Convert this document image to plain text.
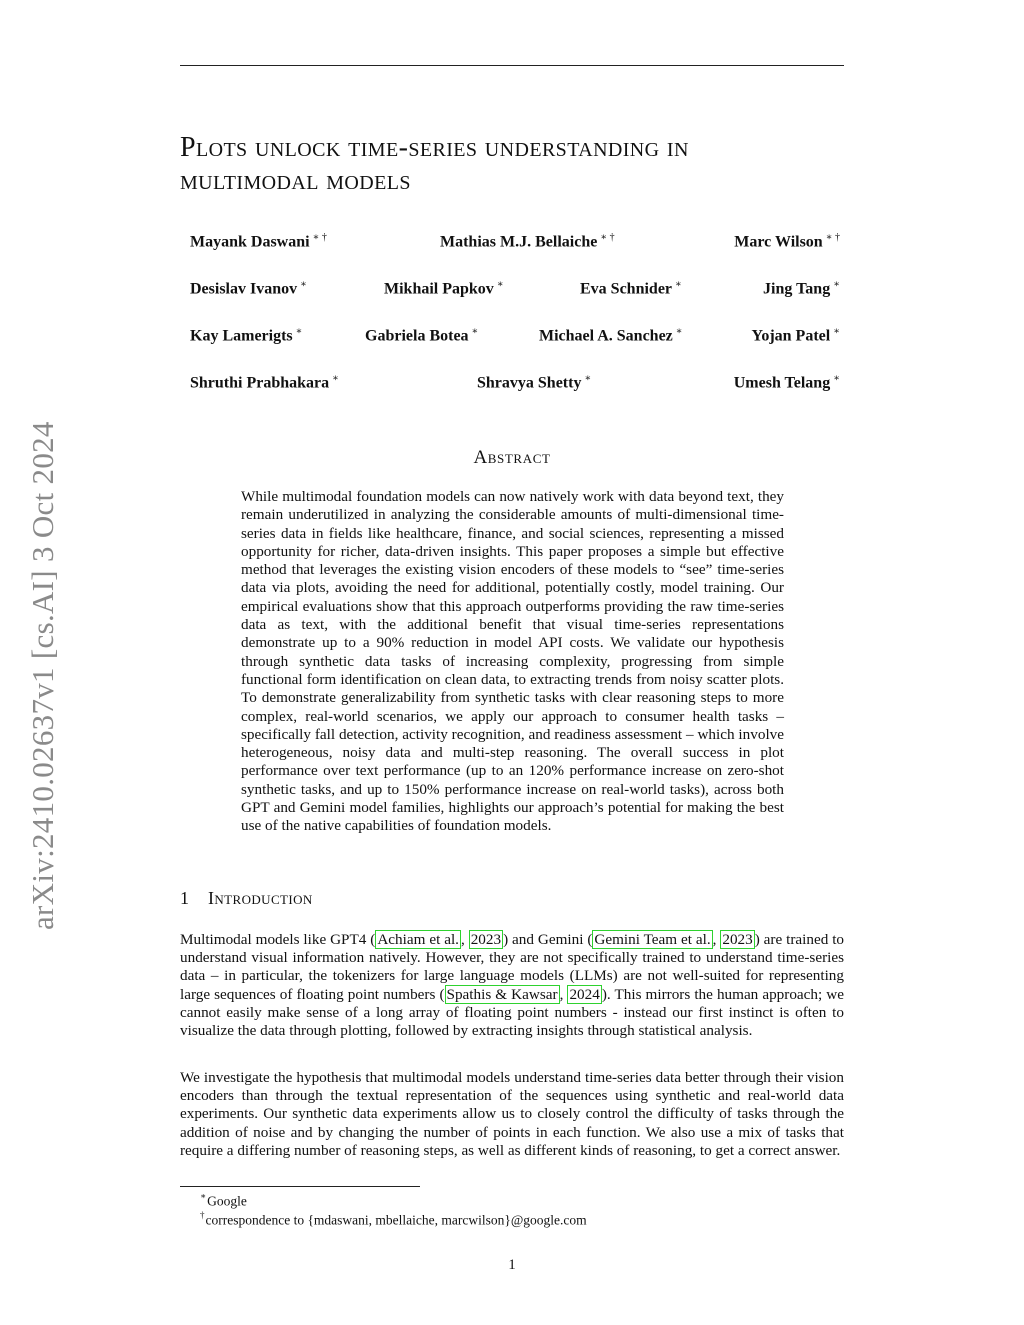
arXiv:2410.02637v1 [cs.AI] 3 Oct 2024
Plots unlock time-series understanding in
multimodal models
Mayank Daswani ∗ †	Mathias M.J. Bellaiche ∗ †	Marc Wilson ∗ †
Desislav Ivanov ∗	Mikhail Papkov ∗	Eva Schnider ∗	Jing Tang ∗
Kay Lamerigts ∗	Gabriela Botea ∗	Michael A. Sanchez ∗	Yojan Patel ∗
Shruthi Prabhakara ∗	Shravya Shetty ∗	Umesh Telang ∗
Abstract

While multimodal foundation models can now natively work with data beyond text, they remain underutilized in analyzing the considerable amounts of multi-dimensional time-series data in fields like healthcare, finance, and social sciences, representing a missed opportunity for richer, data-driven insights. This paper proposes a simple but effective method that leverages the existing vision encoders of these models to “see” time-series data via plots, avoiding the need for additional, potentially costly, model training. Our empirical evaluations show that this approach outperforms providing the raw time-series data as text, with the additional benefit that visual time-series representations demonstrate up to a 90% reduction in model API costs. We validate our hypothesis through synthetic data tasks of increasing complexity, progressing from simple functional form identification on clean data, to extracting trends from noisy scatter plots. To demonstrate generalizability from synthetic tasks with clear reasoning steps to more complex, real-world scenarios, we apply our approach to consumer health tasks – specifically fall detection, activity recognition, and readiness assessment – which involve heterogeneous, noisy data and multi-step reasoning. The overall success in plot performance over text performance (up to an 120% performance increase on zero-shot synthetic tasks, and up to 150% performance increase on real-world tasks), across both GPT and Gemini model families, highlights our approach’s potential for making the best use of the native capabilities of foundation models.

1 Introduction

Multimodal models like GPT4 ( Achiam et al. , 2023 ) and Gemini ( Gemini Team et al. , 2023 ) are trained to understand visual information natively. However, they are not specifically trained to understand time-series data – in particular, the tokenizers for large language models (LLMs) are not well-suited for representing large sequences of floating point numbers ( Spathis & Kawsar , 2024 ). This mirrors the human approach; we cannot easily make sense of a long array of floating point numbers - instead our first instinct is often to visualize the data through plotting, followed by extracting insights through statistical analysis.

We investigate the hypothesis that multimodal models understand time-series data better through their vision encoders than through the textual representation of the sequences using synthetic and real-world data experiments. Our synthetic data experiments allow us to closely control the difficulty of tasks through the addition of noise and by changing the number of points in each function. We also use a mix of tasks that require a differing number of reasoning steps, as well as different kinds of reasoning, to get a correct answer.

∗Google
†correspondence to {mdaswani, mbellaiche, marcwilson}@google.com
1
